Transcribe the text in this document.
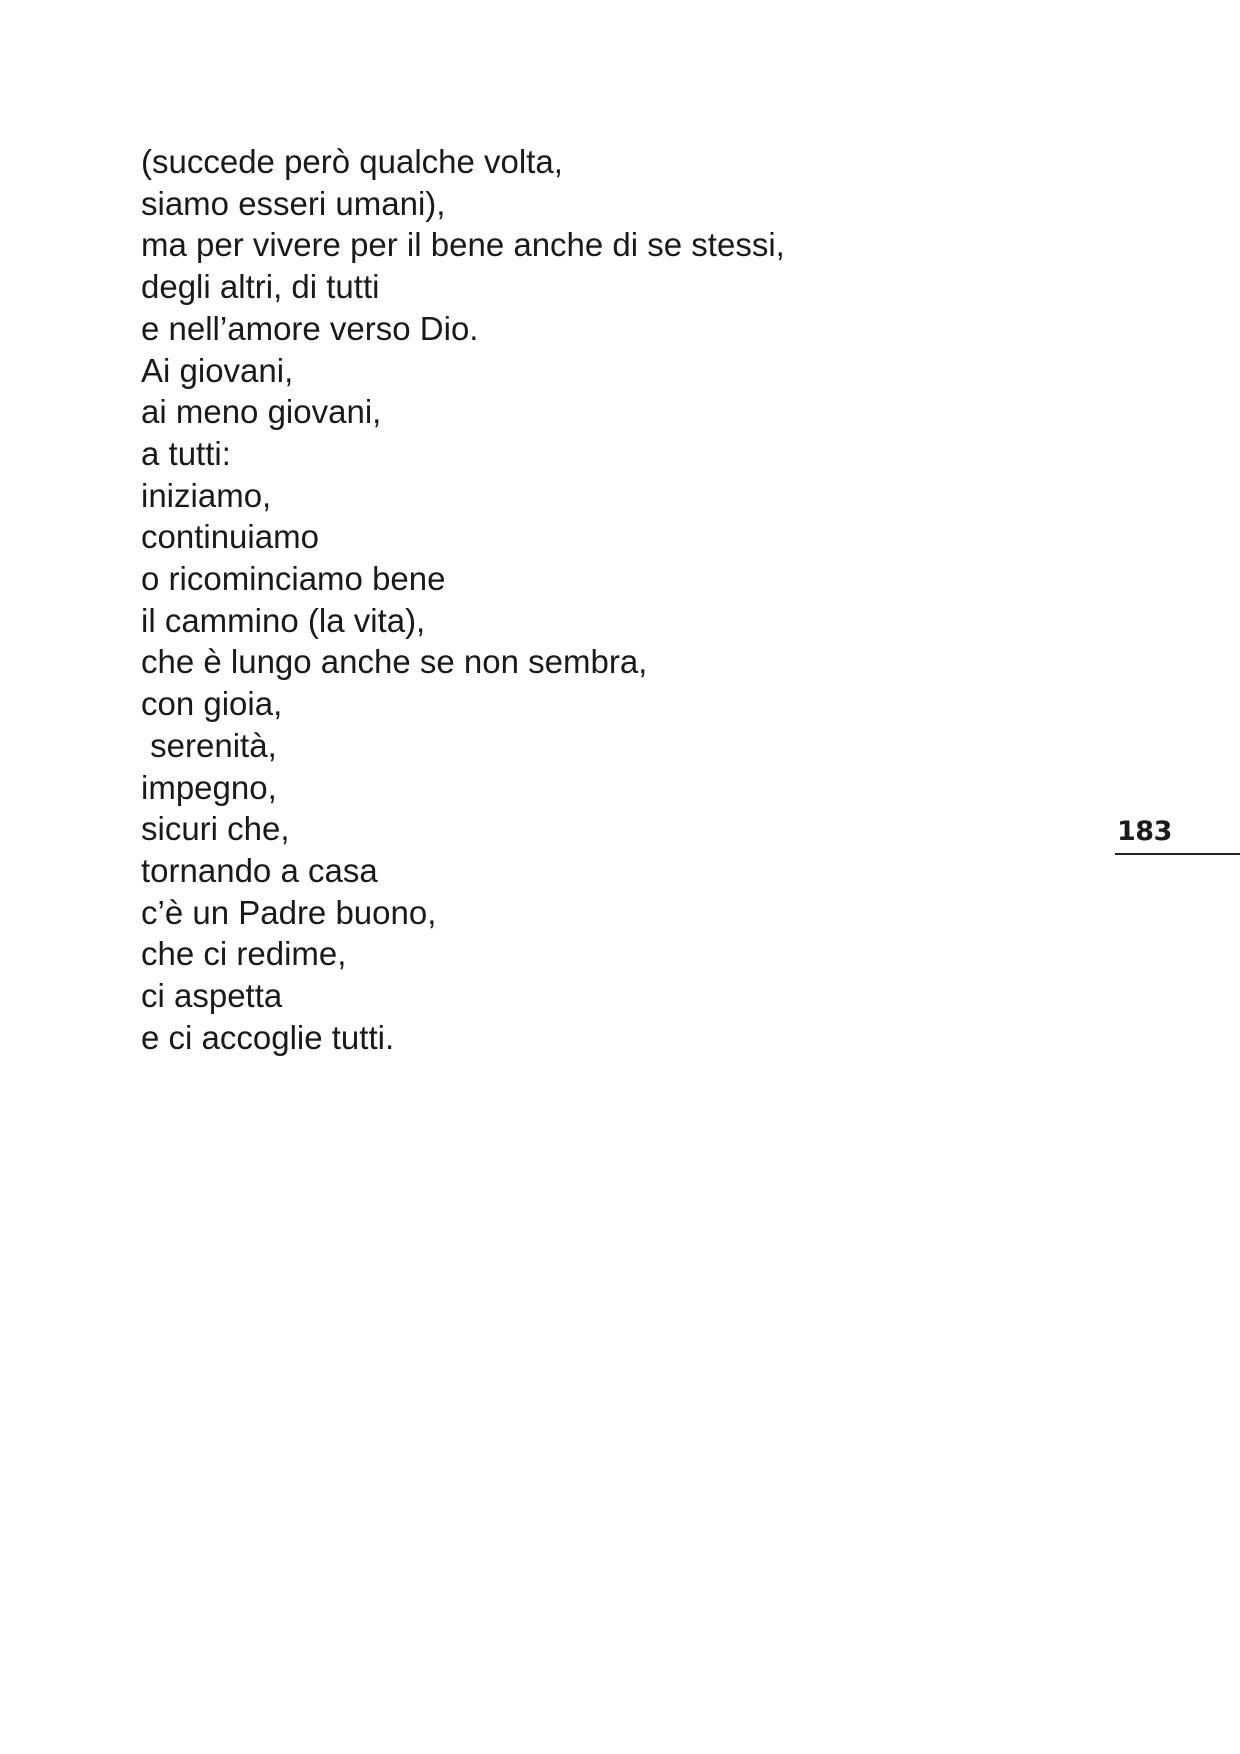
(succede però qualche volta,
siamo esseri umani),
ma per vivere per il bene anche di se stessi,
degli altri, di tutti
e nell’amore verso Dio.
Ai giovani,
ai meno giovani,
a tutti:
iniziamo,
continuiamo
o ricominciamo bene
il cammino (la vita),
che è lungo anche se non sembra,
con gioia,
serenità,
impegno,
sicuri che,
tornando a casa
c’è un Padre buono,
che ci redime,
ci aspetta
e ci accoglie tutti.
183
